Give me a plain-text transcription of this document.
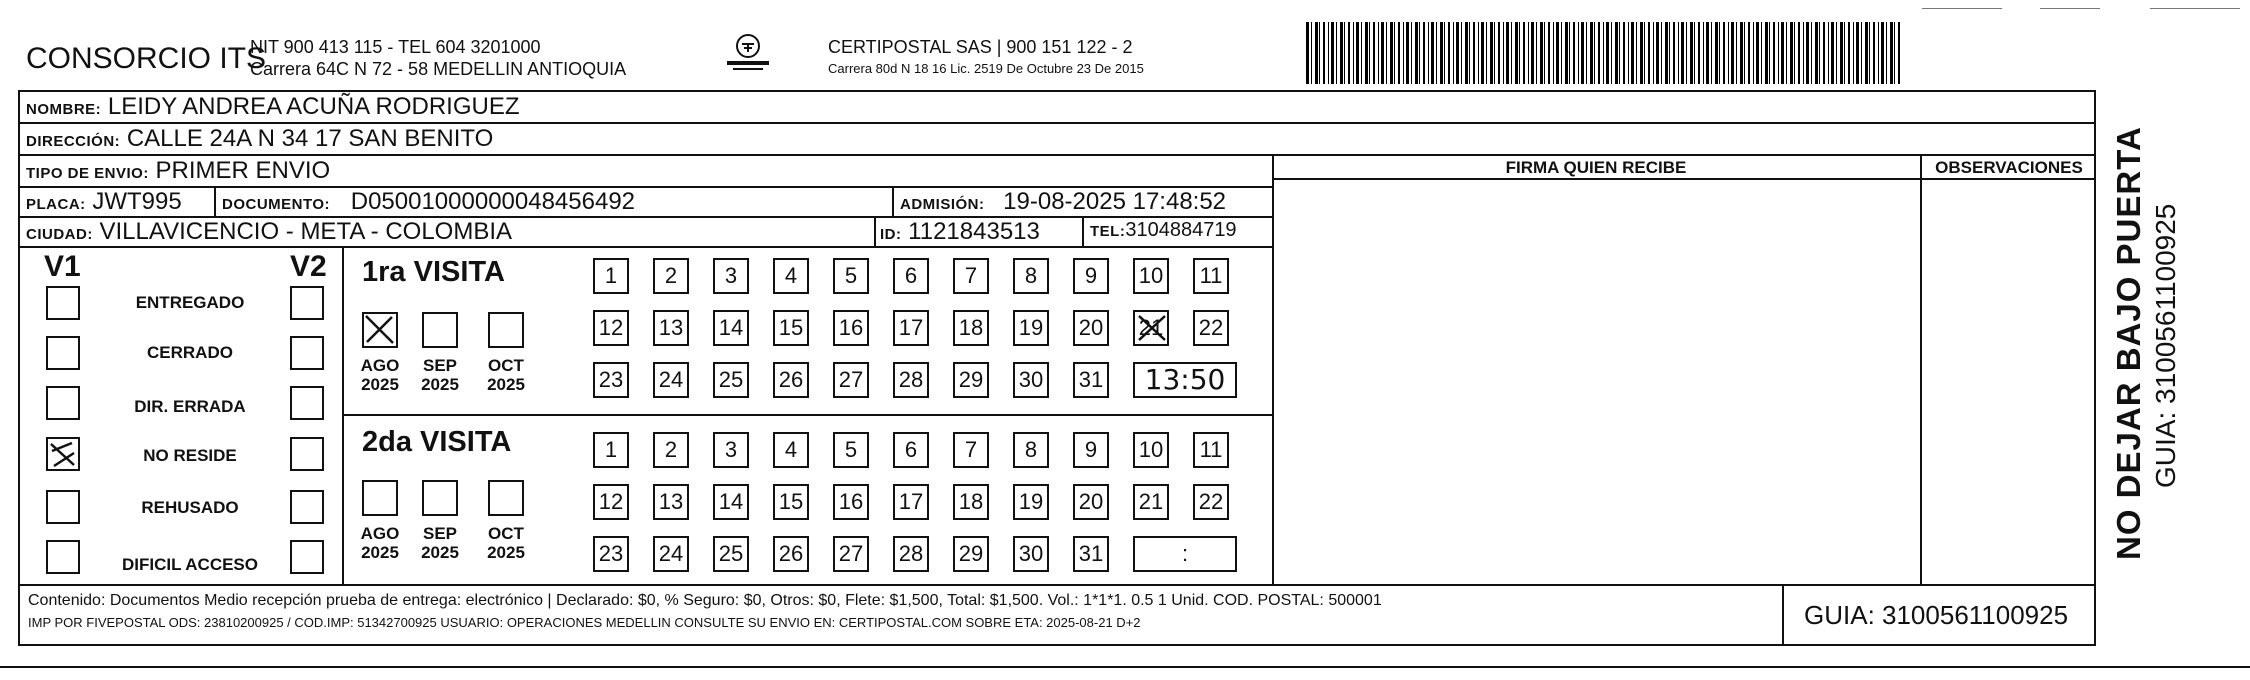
CONSORCIO ITS
NIT 900 413 115 - TEL 604 3201000
Carrera 64C N 72 - 58 MEDELLIN ANTIOQUIA
CERTIPOSTAL SAS | 900 151 122 - 2
Carrera 80d N 18 16 Lic. 2519 De Octubre 23 De 2015
NOMBRE: LEIDY ANDREA ACUÑA RODRIGUEZ
DIRECCIÓN: CALLE 24A N 34 17 SAN BENITO
TIPO DE ENVIO: PRIMER ENVIO	FIRMA QUIEN RECIBE	OBSERVACIONES
PLACA: JWT995	DOCUMENTO: D05001000000048456492	ADMISIÓN: 19-08-2025 17:48:52
CIUDAD: VILLAVICENCIO - META - COLOMBIA	ID: 1121843513	TEL:3104884719
V1	V2
ENTREGADO
CERRADO
DIR. ERRADA
NO RESIDE
REHUSADO
DIFICIL ACCESO
1ra VISITA
AGO
2025
SEP
2025
OCT
2025
1	2	3	4	5	6	7	8	9	10 11
12 13 14 15 16 17 18 19 20 21 22
23 24 25 26 27 28 29 30 31	13:50
2da VISITA
AGO
2025
SEP
2025
OCT
2025
1	2	3	4	5	6	7	8	9	10 11
12 13 14 15 16 17 18 19 20 21 22
23 24 25 26 27 28 29 30 31	:
Contenido: Documentos Medio recepción prueba de entrega: electrónico | Declarado: $0, % Seguro: $0, Otros: $0, Flete: $1,500, Total: $1,500. Vol.: 1*1*1. 0.5 1 Unid. COD. POSTAL: 500001
IMP POR FIVEPOSTAL ODS: 23810200925 / COD.IMP: 51342700925 USUARIO: OPERACIONES MEDELLIN CONSULTE SU ENVIO EN: CERTIPOSTAL.COM SOBRE ETA: 2025-08-21 D+2	GUIA: 3100561100925
NO DEJAR BAJO PUERTA GUIA: 3100561100925
